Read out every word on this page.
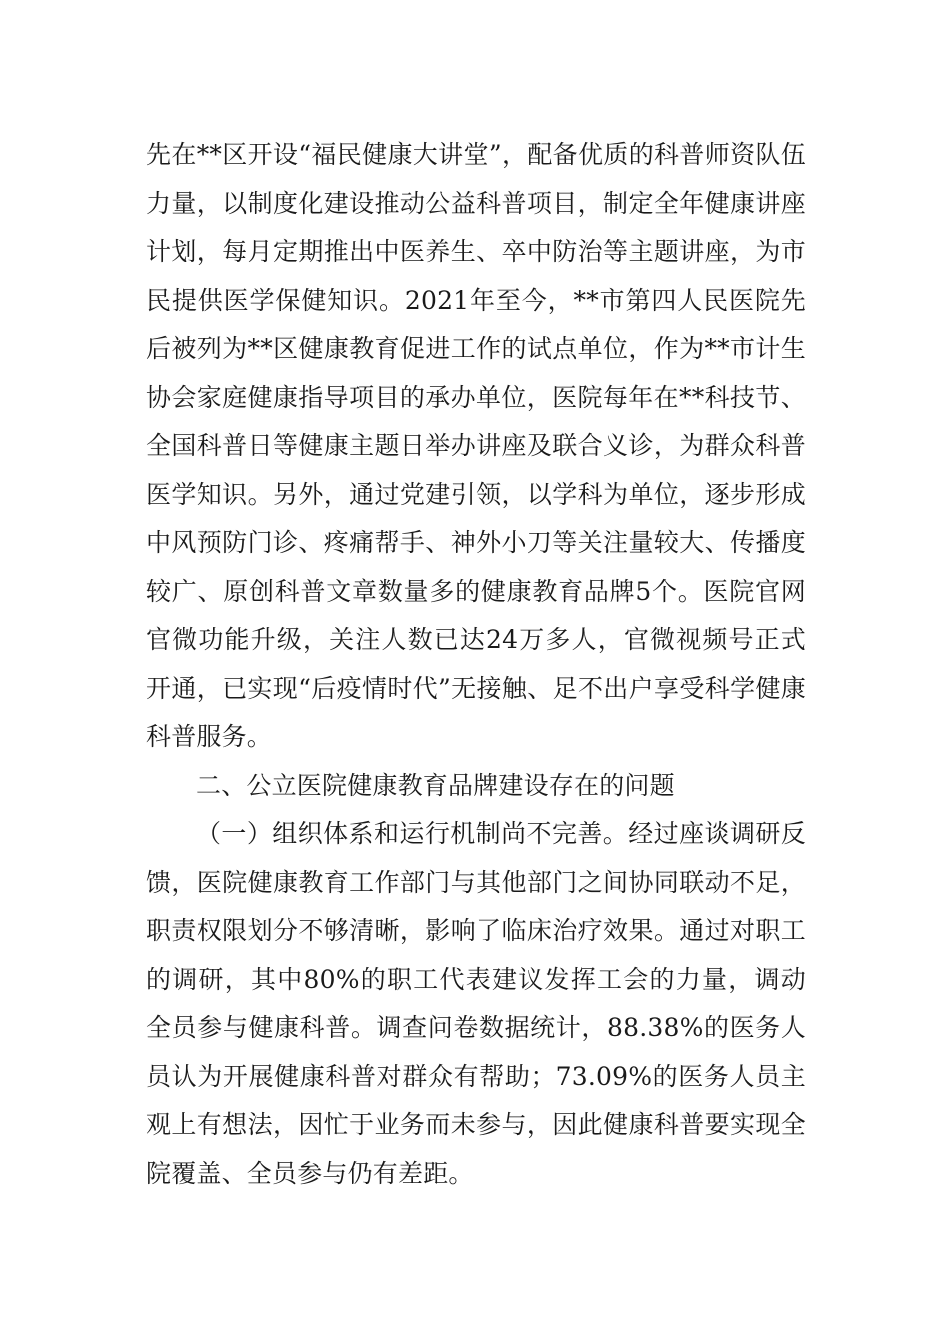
先在**区开设“福民健康大讲堂”，配备优质的科普师资队伍力量，以制度化建设推动公益科普项目，制定全年健康讲座计划，每月定期推出中医养生、卒中防治等主题讲座，为市民提供医学保健知识。2021年至今，**市第四人民医院先后被列为**区健康教育促进工作的试点单位，作为**市计生协会家庭健康指导项目的承办单位，医院每年在**科技节、全国科普日等健康主题日举办讲座及联合义诊，为群众科普医学知识。另外，通过党建引领，以学科为单位，逐步形成中风预防门诊、疼痛帮手、神外小刀等关注量较大、传播度较广、原创科普文章数量多的健康教育品牌5个。医院官网官微功能升级，关注人数已达24万多人，官微视频号正式开通，已实现“后疫情时代”无接触、足不出户享受科学健康科普服务。

二、公立医院健康教育品牌建设存在的问题

（一）组织体系和运行机制尚不完善。经过座谈调研反馈，医院健康教育工作部门与其他部门之间协同联动不足，职责权限划分不够清晰，影响了临床治疗效果。通过对职工的调研，其中80%的职工代表建议发挥工会的力量，调动全员参与健康科普。调查问卷数据统计，88.38%的医务人员认为开展健康科普对群众有帮助；73.09%的医务人员主观上有想法，因忙于业务而未参与，因此健康科普要实现全院覆盖、全员参与仍有差距。
